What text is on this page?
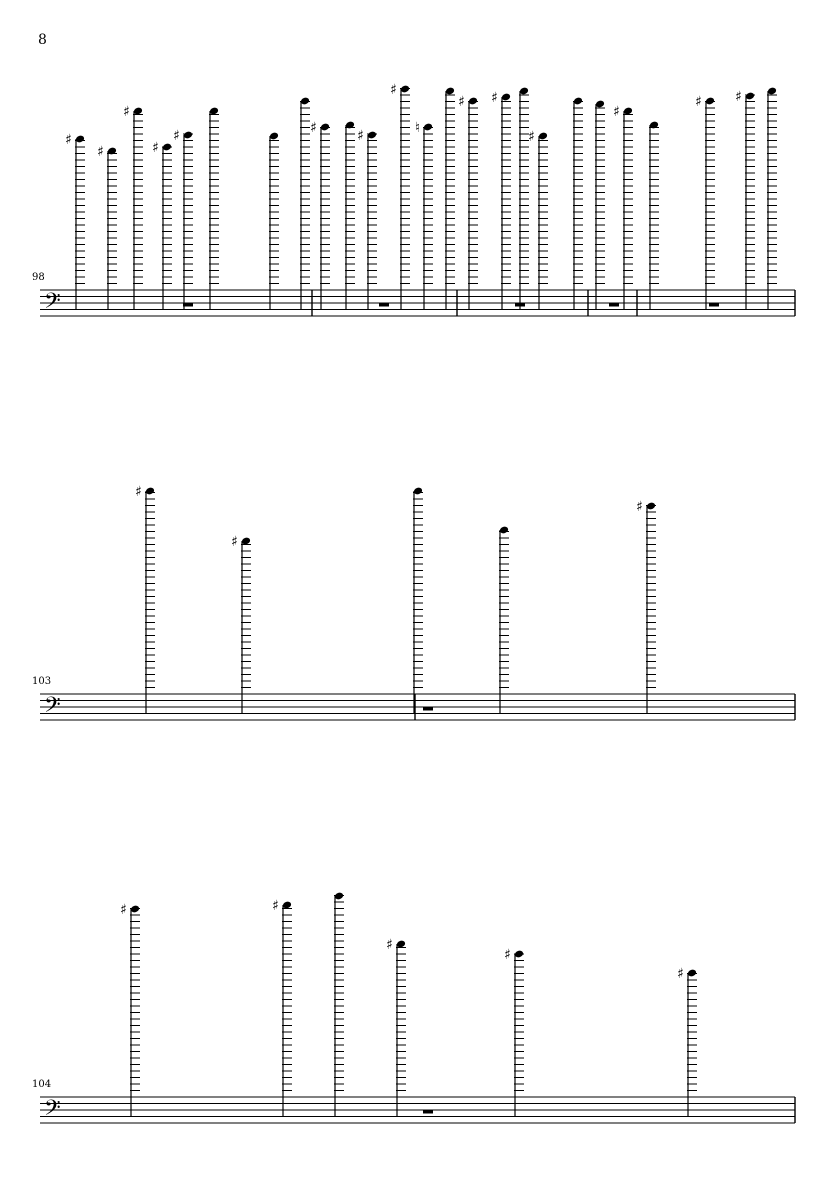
8
98
103
104
𝄢
♯
♯
♯
♯
♯	♯	♯
♯
♮
♯ ♯
♯
♯
♯ ♯
𝄢
♯
♯
♯
𝄢
♯	♯
♯
♯
♯
